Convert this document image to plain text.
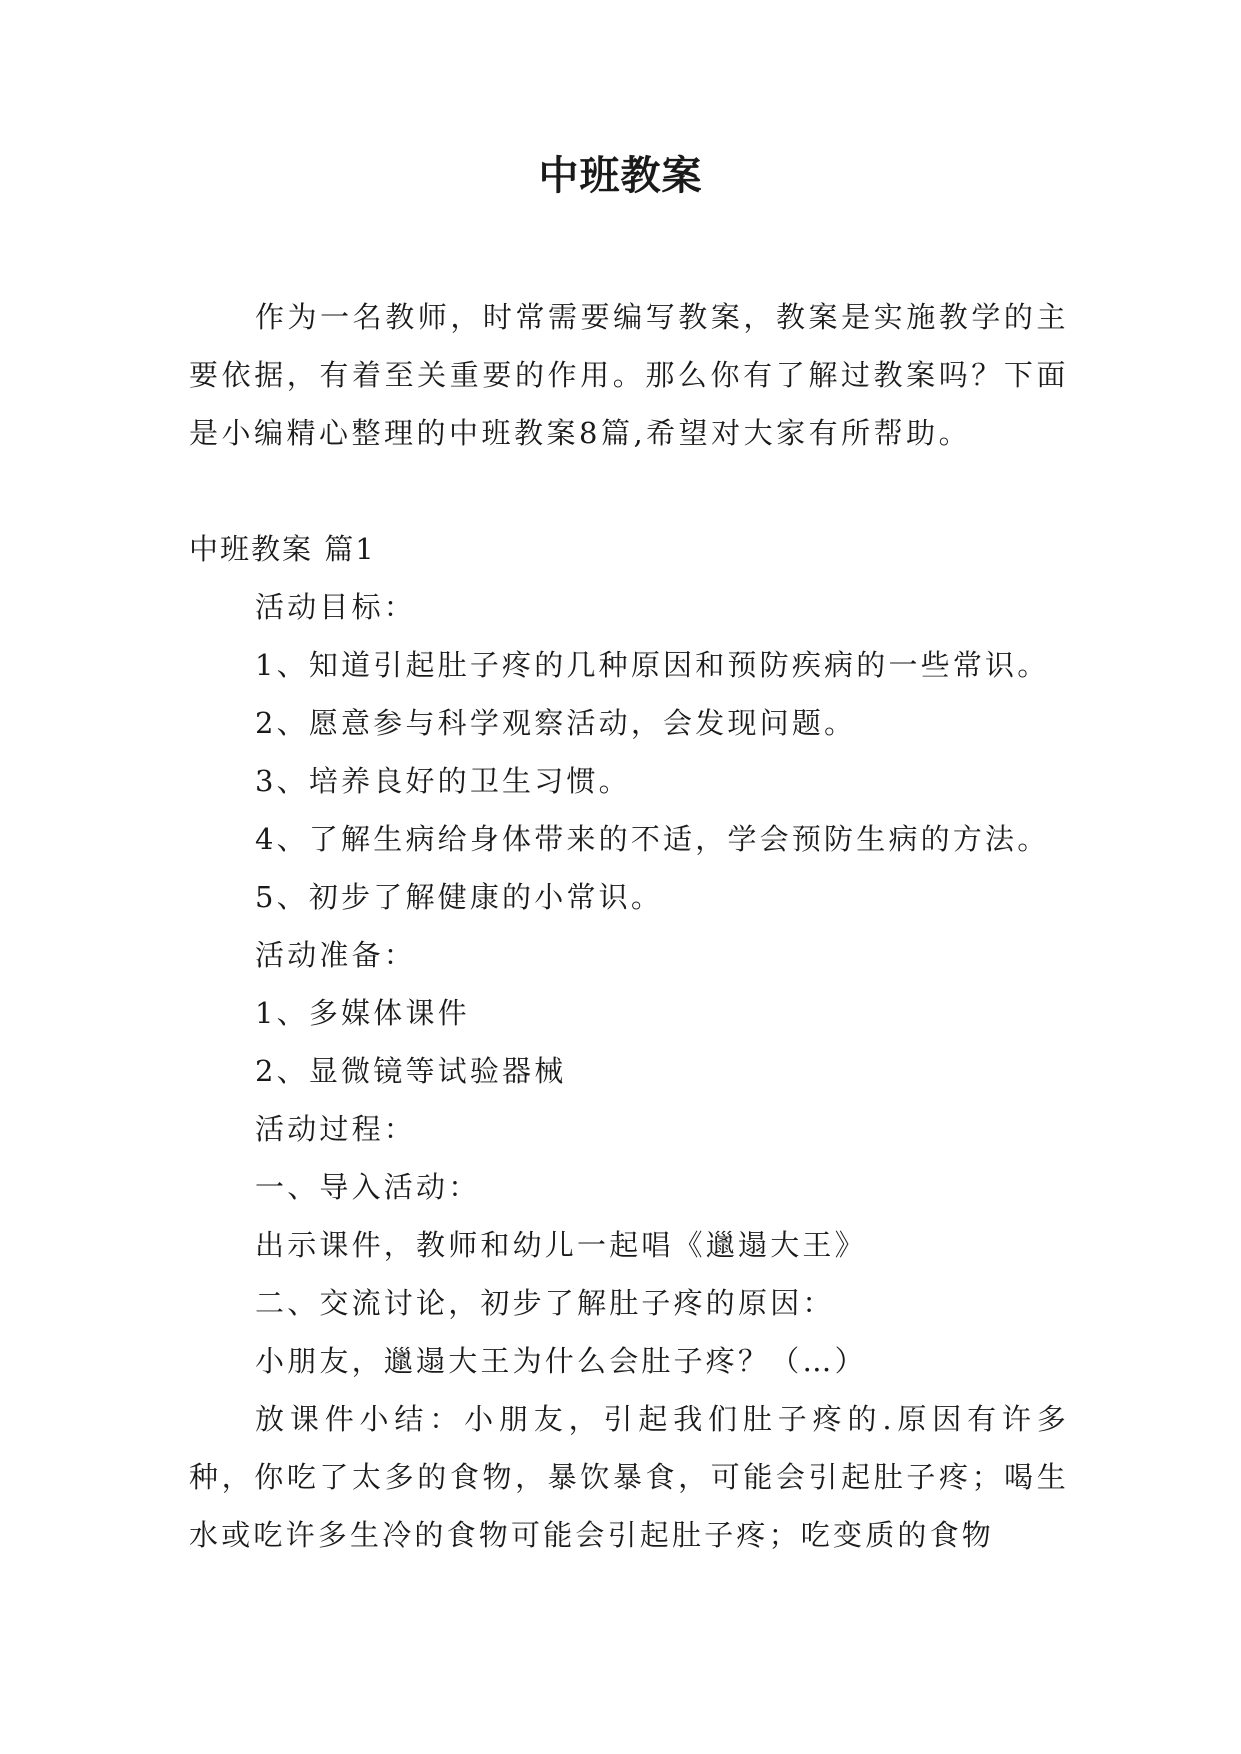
中班教案

作为一名教师，时常需要编写教案，教案是实施教学的主要依据，有着至关重要的作用。那么你有了解过教案吗？下面是小编精心整理的中班教案8篇,希望对大家有所帮助。

中班教案 篇1

活动目标：

1、知道引起肚子疼的几种原因和预防疾病的一些常识。

2、愿意参与科学观察活动，会发现问题。

3、培养良好的卫生习惯。

4、了解生病给身体带来的不适，学会预防生病的方法。

5、初步了解健康的小常识。

活动准备：

1、多媒体课件

2、显微镜等试验器械

活动过程：

一、导入活动：

出示课件，教师和幼儿一起唱《邋遢大王》

二、交流讨论，初步了解肚子疼的原因：

小朋友，邋遢大王为什么会肚子疼？（…）

放课件小结：小朋友，引起我们肚子疼的.原因有许多种，你吃了太多的食物，暴饮暴食，可能会引起肚子疼；喝生水或吃许多生冷的食物可能会引起肚子疼；吃变质的食物
